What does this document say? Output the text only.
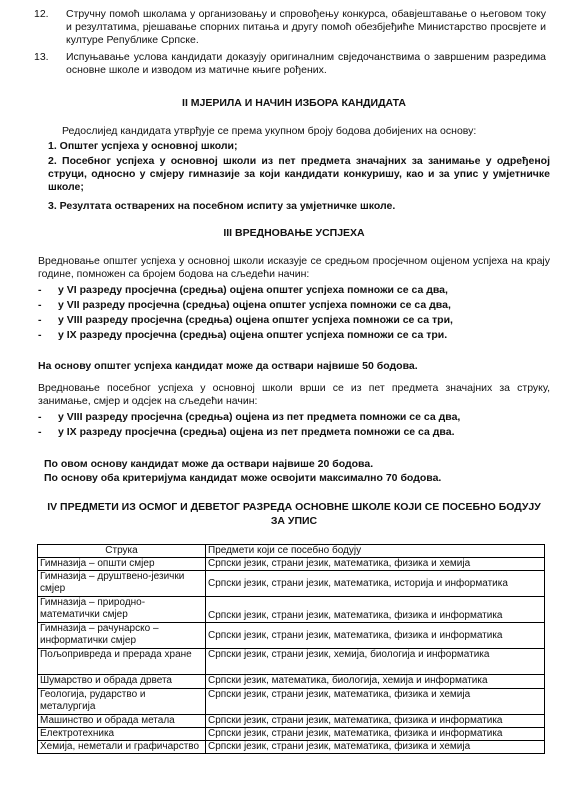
12. Стручну помоћ школама у организовању и спровођењу конкурса, обавјештавање о његовом току и резултатима, рјешавање спорних питања и другу помоћ обезбјеђиће Министарство просвјете и културе Републике Српске.
13. Испуњавање услова кандидати доказују оригиналним свједочанствима о завршеним разредима основне школе и изводом из матичне књиге рођених.
II МЈЕРИЛА И НАЧИН ИЗБОРА КАНДИДАТА
Редослиjед кандидата утврђује се према укупном броју бодова добијених на основу:
1. Општег успјеха у основној школи;
2. Посебног успјеха у основној школи из пет предмета значајних за занимање у одређеној струци, односно у смјеру гимназије за који кандидати конкуришу, као и за упис у умјетничке школе;
3. Резултата остварених на посебном испиту за умјетничке школе.
III ВРЕДНОВАЊЕ УСПЈЕХА
Вредновање општег успјеха у основној школи исказује се средњом просјечном оцјеном успјеха на крају године, помножен са бројем бодова на сљедећи начин:
- у VI разреду просјечна (средња) оцјена општег успјеха помножи се са два,
- у VII разреду просјечна (средња) оцјена општег успјеха помножи се са два,
- у VIII разреду просјечна (средња) оцјена општег успјеха помножи се са три,
- у IX разреду просјечна (средња) оцјена општег успјеха помножи се са три.
На основу општег успјеха кандидат може да оствари највише 50 бодова.
Вредновање посебног успјеха у основној школи врши се из пет предмета значајних за струку, занимање, смјер и одсјек на сљедећи начин:
- у VIII разреду просјечна (средња) оцјена из пет предмета помножи се са два,
- у IX разреду просјечна (средња) оцјена из пет предмета помножи се са два.
По овом основу кандидат може да оствари највише 20 бодова.
По основу оба критеријума кандидат може освојити максимално 70 бодова.
IV ПРЕДМЕТИ ИЗ ОСМОГ И ДЕВЕТОГ РАЗРЕДА ОСНОВНЕ ШКОЛЕ КОЈИ СЕ ПОСЕБНО БОДУЈУ
ЗА УПИС
Струка	Предмети који се посебно бодују
Гимназија – општи смјер	Српски језик, страни језик, математика, физика и хемија
Гимназија – друштвено-језички смјер	Српски језик, страни језик, математика, историја и информатика
Гимназија – природно-математички смјер	Српски језик, страни језик, математика, физика и информатика
Гимназија – рачунарско – информатички смјер	Српски језик, страни језик, математика, физика и информатика
Пољопривреда и прерада хране	Српски језик, страни језик, хемија, биологија и информатика
Шумарство и обрада дрвета	Српски језик, математика, биологија, хемија и информатика
Геологија, рударство и металургија	Српски језик, страни језик, математика, физика и хемија
Машинство и обрада метала	Српски језик, страни језик, математика, физика и информатика
Електротехника	Српски језик, страни језик, математика, физика и информатика
Хемија, неметали и графичарство	Српски језик, страни језик, математика, физика и хемија
